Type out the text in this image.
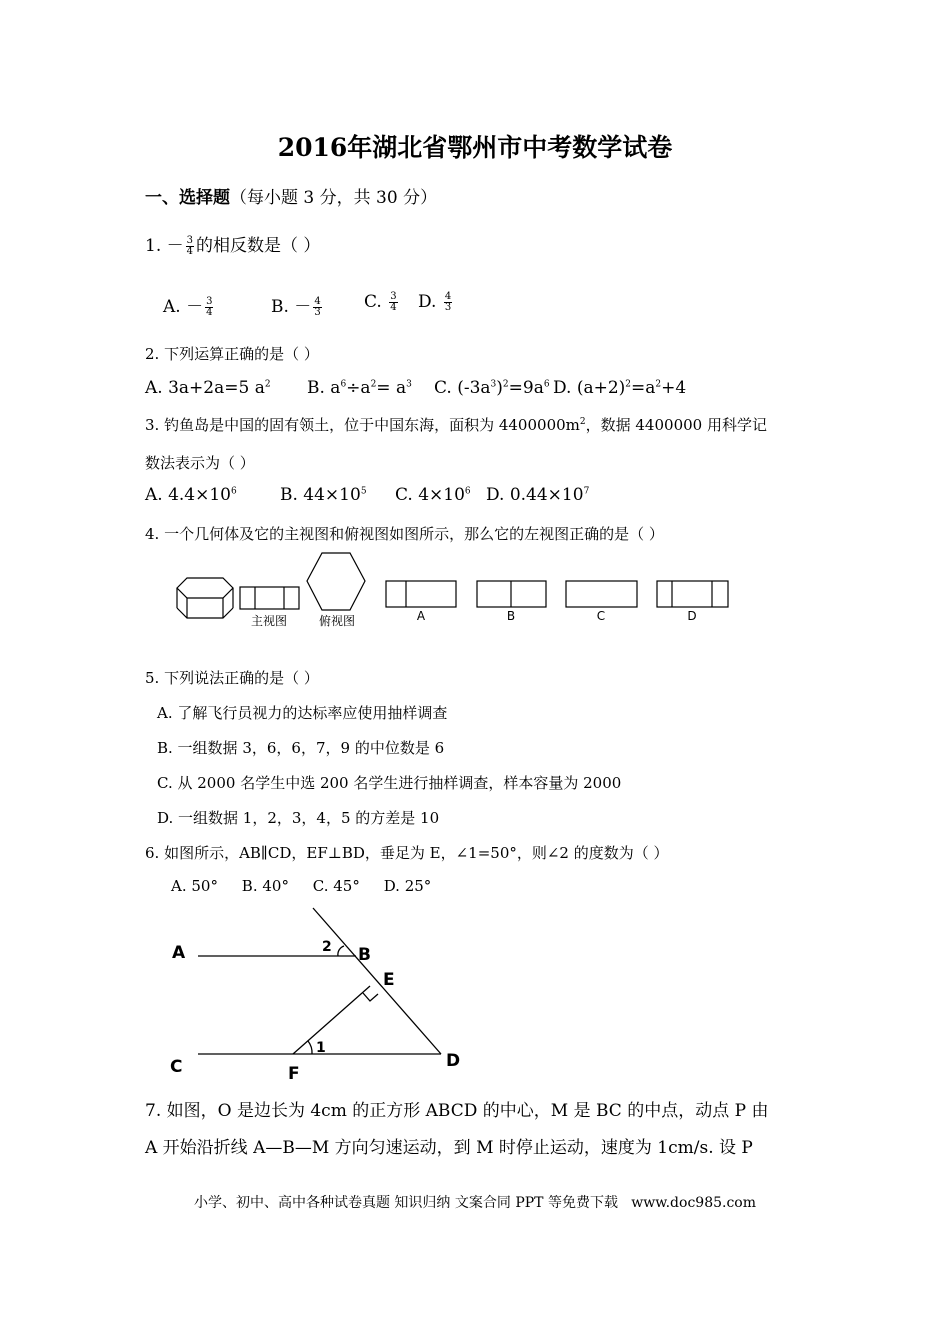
2016年湖北省鄂州市中考数学试卷
一、选择题（每小题 3 分，共 30 分）
1. － $\frac{3}{4}$ 的相反数是（ ）
A. － $\frac{3}{4}$	B. － $\frac{4}{3} C$. $\frac{3}{4} D$. $\frac{4}{3}$
2. 下列运算正确的是（ ）
A. 3a+2a=5 $a^2$ B. $a^6\div a^2= a^3$ C. $(-3a^3)^2=9a^6$ D. $(a+2)^2=a^2+4$
3. 钓鱼岛是中国的固有领土，位于中国东海，面积为 $4400000m^2$，数据 4400000 用科学记
数法表示为（ ）
A. $4.4\times 10^6$	B. $44\times 10^5$ C. $4\times 10^6$ D. $0.44\times 10^7$
4. 一个几何体及它的主视图和俯视图如图所示，那么它的左视图正确的是（ ）
主视图	俯视图	A	B	C	D
5. 下列说法正确的是（ ）
A. 了解飞行员视力的达标率应使用抽样调查
B. 一组数据 3，6，6，7，9 的中位数是 6
C. 从 2000 名学生中选 200 名学生进行抽样调查，样本容量为 2000
D. 一组数据 1，2，3，4，5 的方差是 10
6. 如图所示，AB∥CD，EF⊥BD，垂足为 E，∠1=50°，则∠2 的度数为（ ）
A. 50°     B. 40°     C. 45°     D. 25°
A	B
E
C	D
F
1
2
7. 如图，O 是边长为 4cm 的正方形 ABCD 的中心，M 是 BC 的中点，动点 P 由
A 开始沿折线 A—B—M 方向匀速运动，到 M 时停止运动，速度为 1cm/s. 设 P
小学、初中、高中各种试卷真题 知识归纳 文案合同 PPT 等免费下载   www.doc985.com
